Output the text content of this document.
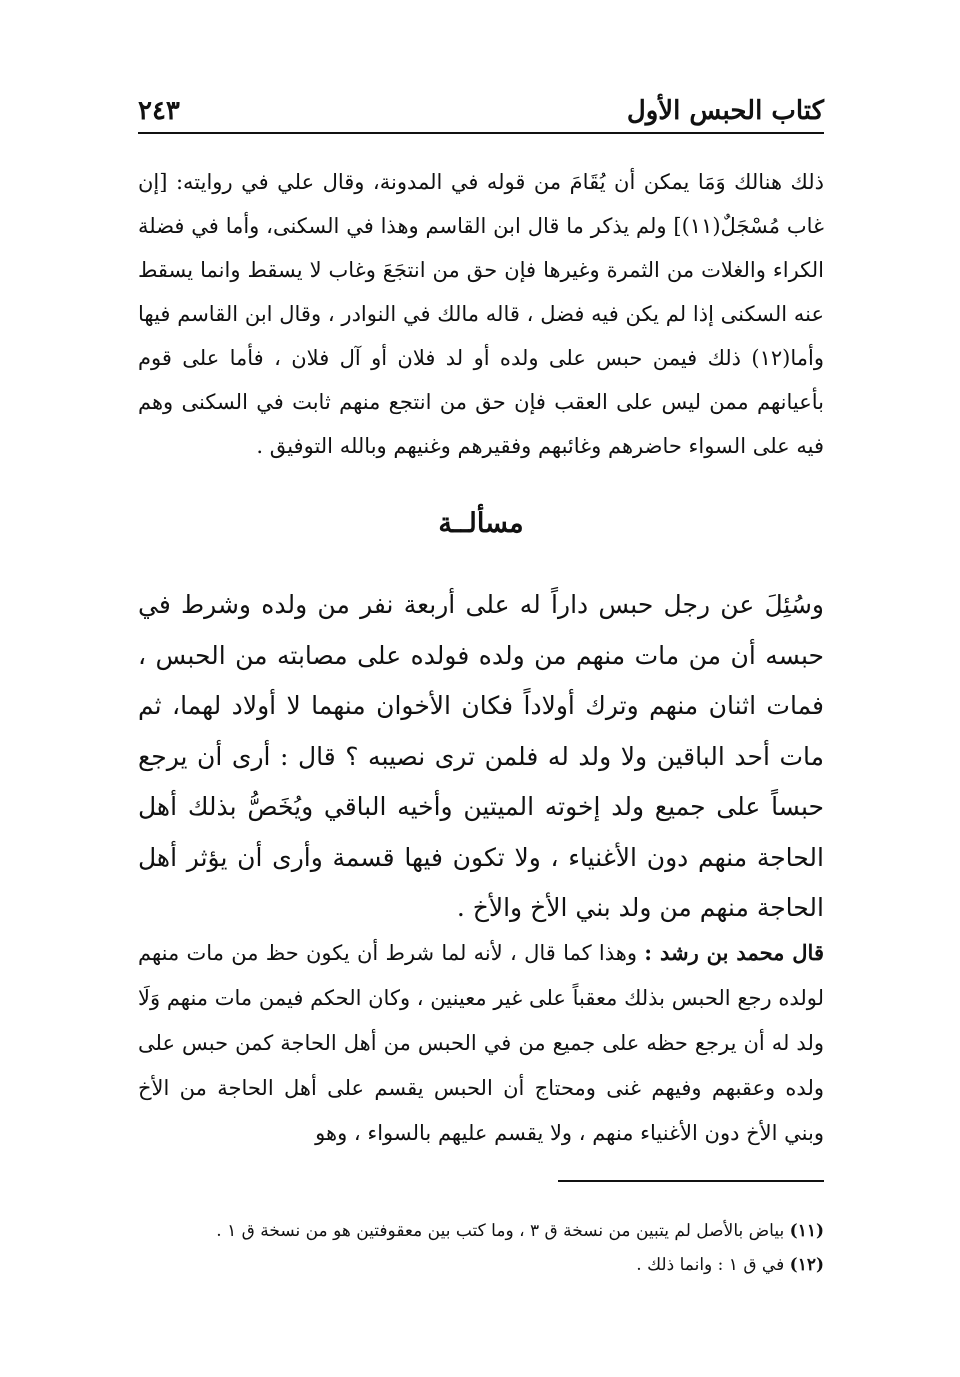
كتاب الحبس الأول
٢٤٣

ذلك هنالك وَمَا يمكن أن يُقَامَ من قوله في المدونة، وقال علي في روايته: [إن غاب مُسْجَلٌ(١١)] ولم يذكر ما قال ابن القاسم وهذا في السكنى، وأما في فضلة الكراء والغلات من الثمرة وغيرها فإن حق من انتجَعَ وغاب لا يسقط وانما يسقط عنه السكنى إذا لم يكن فيه فضل ، قاله مالك في النوادر ، وقال ابن القاسم فيها وأما(١٢) ذلك فيمن حبس على ولده أو لد فلان أو آل فلان ، فأما على قوم بأعيانهم ممن ليس على العقب فإن حق من انتجع منهم ثابت في السكنى وهم فيه على السواء حاضرهم وغائبهم وفقيرهم وغنيهم وبالله التوفيق .

مسألــة

وسُئِلَ عن رجل حبس داراً له على أربعة نفر من ولده وشرط في حبسه أن من مات منهم من ولده فولده على مصابته من الحبس ، فمات اثنان منهم وترك أولاداً فكان الأخوان منهما لا أولاد لهما، ثم مات أحد الباقين ولا ولد له فلمن ترى نصيبه ؟ قال : أرى أن يرجع حبساً على جميع ولد إخوته الميتين وأخيه الباقي ويُخَصُّ بذلك أهل الحاجة منهم دون الأغنياء ، ولا تكون فيها قسمة وأرى أن يؤثر أهل الحاجة منهم من ولد بني الأخ والأخ .

قال محمد بن رشد : وهذا كما قال ، لأنه لما شرط أن يكون حظ من مات منهم لولده رجع الحبس بذلك معقباً على غير معينين ، وكان الحكم فيمن مات منهم وَلَا ولد له أن يرجع حظه على جميع من في الحبس من أهل الحاجة كمن حبس على ولده وعقبهم وفيهم غنى ومحتاج أن الحبس يقسم على أهل الحاجة من الأخ وبني الأخ دون الأغنياء منهم ، ولا يقسم عليهم بالسواء ، وهو

(١١) بياض بالأصل لم يتبين من نسخة ق ٣ ، وما كتب بين معقوفتين هو من نسخة ق ١ .

(١٢) في ق ١ : وانما ذلك .
